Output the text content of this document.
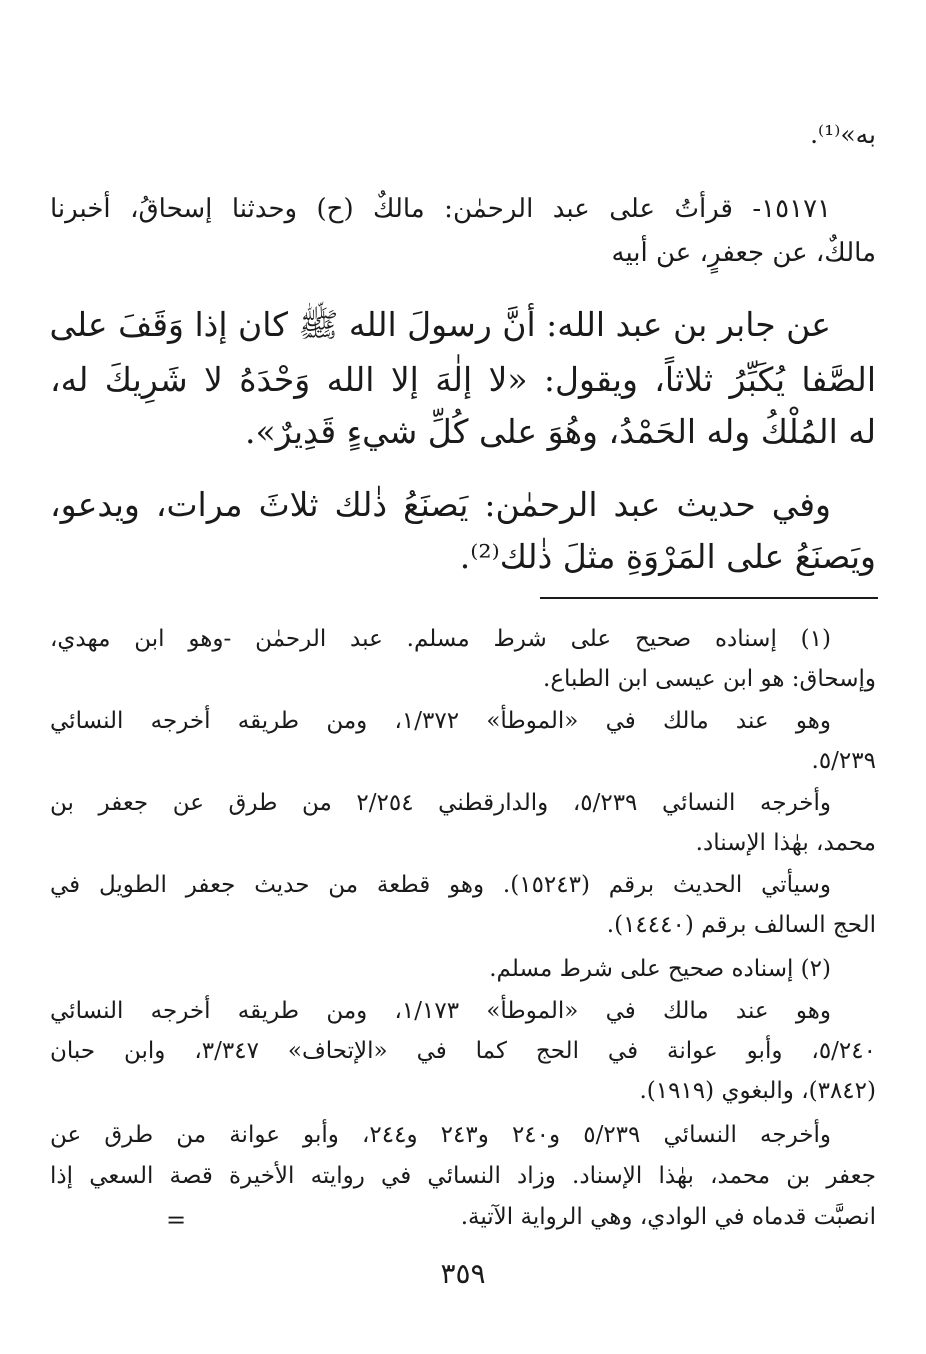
به»⁽¹⁾.
١٥١٧١- قرأتُ على عبد الرحمٰن: مالكٌ (ح) وحدثنا إسحاقُ، أخبرنا
مالكٌ، عن جعفرٍ، عن أبيه
عن جابر بن عبد الله: أنَّ رسولَ الله ﷺ كان إذا وَقَفَ على
الصَّفا يُكَبِّرُ ثلاثاً، ويقول: «لا إلٰهَ إلا الله وَحْدَهُ لا شَرِيكَ له،
له المُلْكُ وله الحَمْدُ، وهُوَ على كُلِّ شيءٍ قَدِيرٌ».
وفي حديث عبد الرحمٰن: يَصنَعُ ذٰلك ثلاثَ مرات، ويدعو،
ويَصنَعُ على المَرْوَةِ مثلَ ذٰلك⁽²⁾.
(١) إسناده صحيح على شرط مسلم. عبد الرحمٰن -وهو ابن مهدي،
وإسحاق: هو ابن عيسى ابن الطباع.
وهو عند مالك في «الموطأ» ١/٣٧٢، ومن طريقه أخرجه النسائي
٥/٢٣٩.
وأخرجه النسائي ٥/٢٣٩، والدارقطني ٢/٢٥٤ من طرق عن جعفر بن
محمد، بهٰذا الإسناد.
وسيأتي الحديث برقم (١٥٢٤٣). وهو قطعة من حديث جعفر الطويل في
الحج السالف برقم (١٤٤٤٠).
(٢) إسناده صحيح على شرط مسلم.
وهو عند مالك في «الموطأ» ١/١٧٣، ومن طريقه أخرجه النسائي
٥/٢٤٠، وأبو عوانة في الحج كما في «الإتحاف» ٣/٣٤٧، وابن حبان
(٣٨٤٢)، والبغوي (١٩١٩).
وأخرجه النسائي ٥/٢٣٩ و٢٤٠ و٢٤٣ و٢٤٤، وأبو عوانة من طرق عن
جعفر بن محمد، بهٰذا الإسناد. وزاد النسائي في روايته الأخيرة قصة السعي إذا
انصبَّت قدماه في الوادي، وهي الرواية الآتية.
=
٣٥٩
